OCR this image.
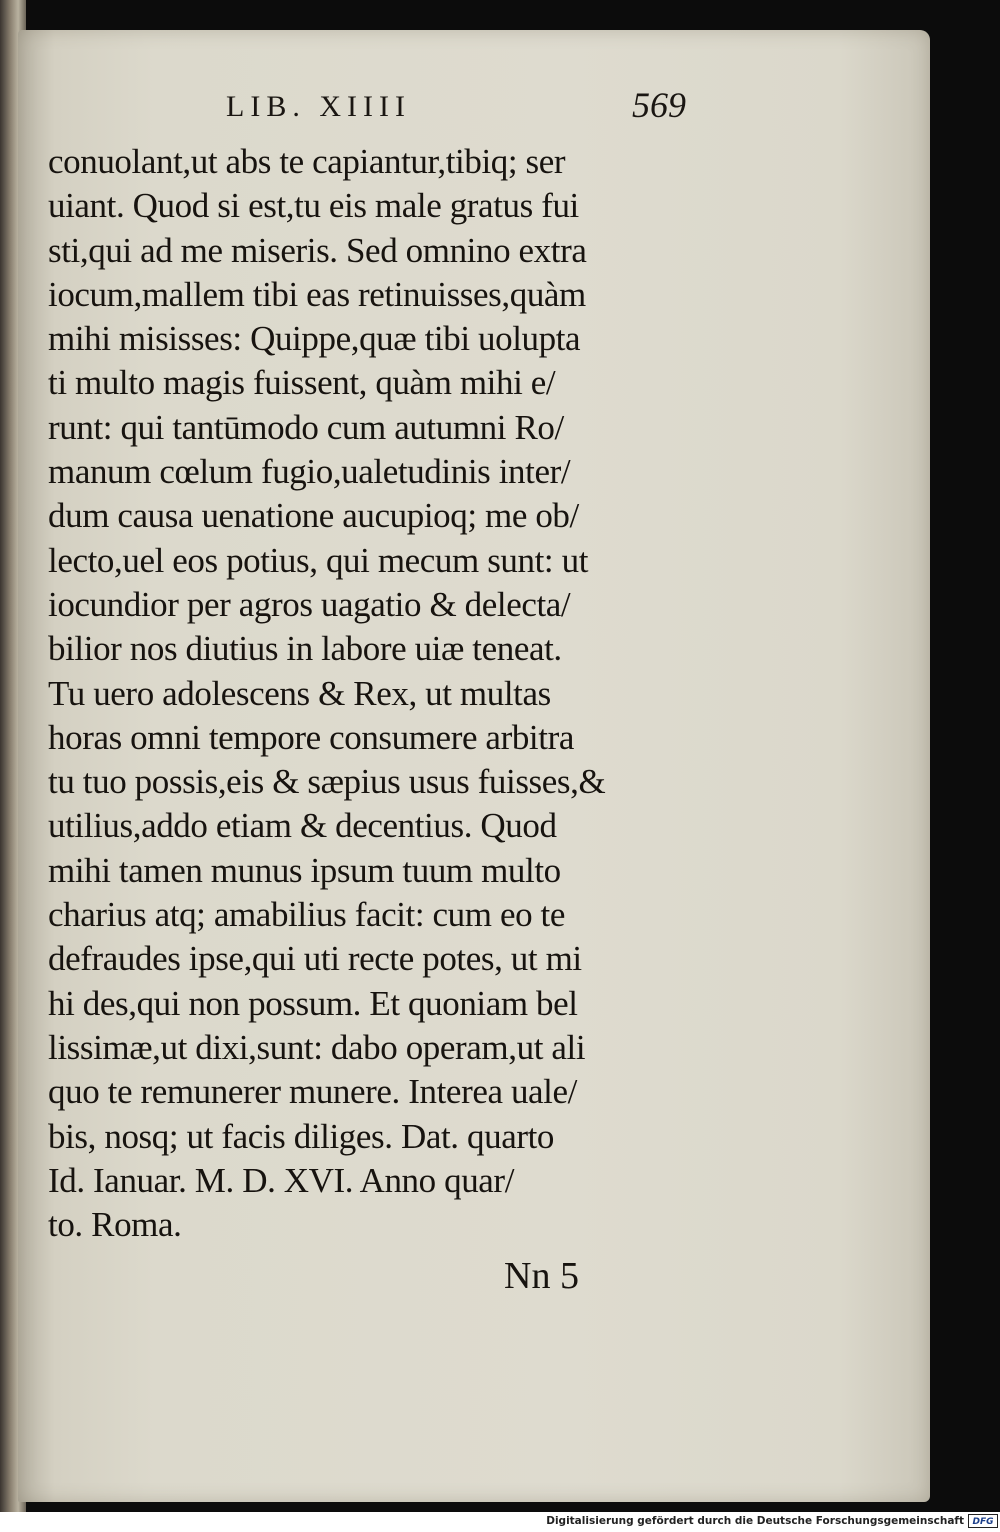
LIB. XIIII	569
conuolant,ut abs te capiantur,tibiq; ser
uiant. Quod si est,tu eis male gratus fui
sti,qui ad me miseris. Sed omnino extra
iocum,mallem tibi eas retinuisses,quàm
mihi misisses: Quippe,quæ tibi uolupta
ti multo magis fuissent, quàm mihi e/
runt: qui tantūmodo cum autumni Ro/
manum cœlum fugio,ualetudinis inter/
dum causa uenatione aucupioq; me ob/
lecto,uel eos potius, qui mecum sunt: ut
iocundior per agros uagatio & delecta/
bilior nos diutius in labore uiæ teneat.
Tu uero adolescens & Rex, ut multas
horas omni tempore consumere arbitra
tu tuo possis,eis & sæpius usus fuisses,&
utilius,addo etiam & decentius. Quod
mihi tamen munus ipsum tuum multo
charius atq; amabilius facit: cum eo te
defraudes ipse,qui uti recte potes, ut mi
hi des,qui non possum. Et quoniam bel
lissimæ,ut dixi,sunt: dabo operam,ut ali
quo te remunerer munere. Interea uale/
bis, nosq; ut facis diliges. Dat. quarto
Id. Ianuar. M. D. XVI. Anno quar/
to. Roma.
Nn 5
Digitalisierung gefördert durch die Deutsche Forschungsgemeinschaft DFG
